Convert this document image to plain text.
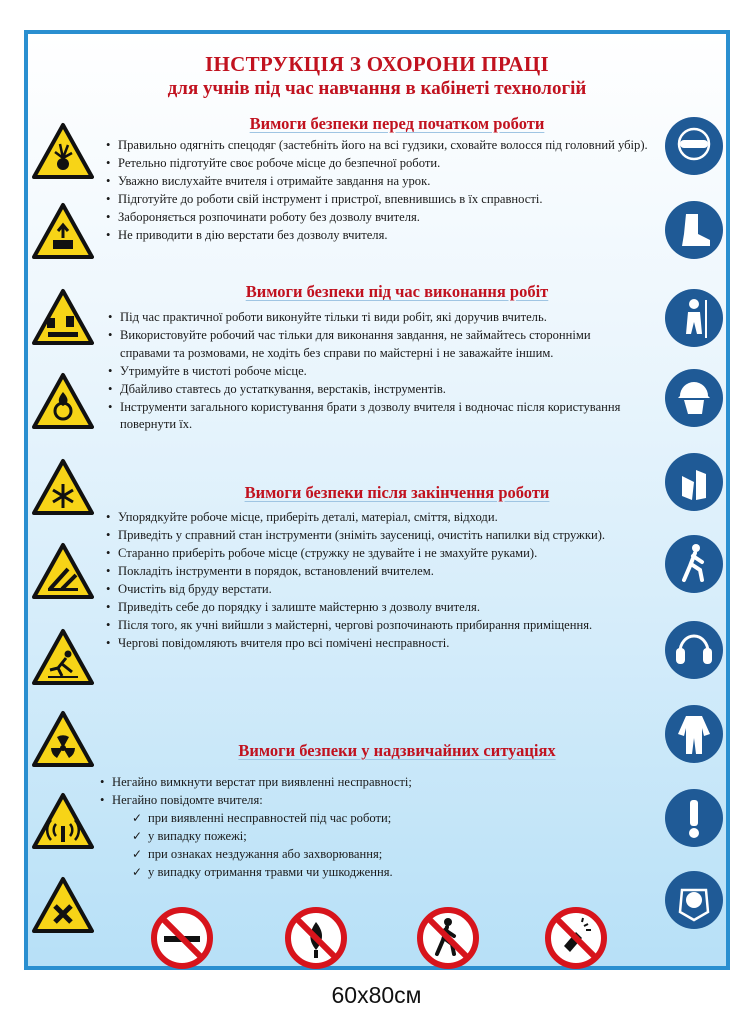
ІНСТРУКЦІЯ З ОХОРОНИ ПРАЦІ
для учнів під час навчання в кабінеті технологій
Вимоги безпеки перед початком роботи
• Правильно одягніть спецодяг (застебніть його на всі гудзики, сховайте волосся під головний убір).
• Ретельно підготуйте своє робоче місце до безпечної роботи.
• Уважно вислухайте вчителя і отримайте завдання на урок.
• Підготуйте до роботи свій інструмент і пристрої, впевнившись в їх справності.
• Забороняється розпочинати роботу без дозволу вчителя.
• Не приводити в дію верстати без дозволу вчителя.
Вимоги безпеки під час виконання робіт
• Під час практичної роботи виконуйте тільки ті види робіт, які доручив вчитель.
• Використовуйте робочий час тільки для виконання завдання, не займайтесь сторонніми справами та розмовами, не ходіть без справи по майстерні і не заважайте іншим.
• Утримуйте в чистоті робоче місце.
• Дбайливо ставтесь до устаткування, верстаків, інструментів.
• Інструменти загального користування брати з дозволу вчителя і водночас після користування повернути їх.
Вимоги безпеки після закінчення роботи
• Упорядкуйте робоче місце, приберіть деталі, матеріал, сміття, відходи.
• Приведіть у справний стан інструменти (зніміть заусениці, очистіть напилки від стружки).
• Старанно приберіть робоче місце (стружку не здувайте і не змахуйте руками).
• Покладіть інструменти в порядок, встановлений вчителем.
• Очистіть від бруду верстати.
• Приведіть себе до порядку і залиште майстерню з дозволу вчителя.
• Після того, як учні вийшли з майстерні, чергові розпочинають прибирання приміщення.
• Чергові повідомляють вчителя про всі помічені несправності.
Вимоги безпеки у надзвичайних ситуаціях
• Негайно вимкнути верстат при виявленні несправності;
• Негайно повідомте вчителя:
✓ при виявленні несправностей під час роботи;
✓ у випадку пожежі;
✓ при ознаках нездужання або захворювання;
✓ у випадку отримання травми чи ушкодження.
60x80см
